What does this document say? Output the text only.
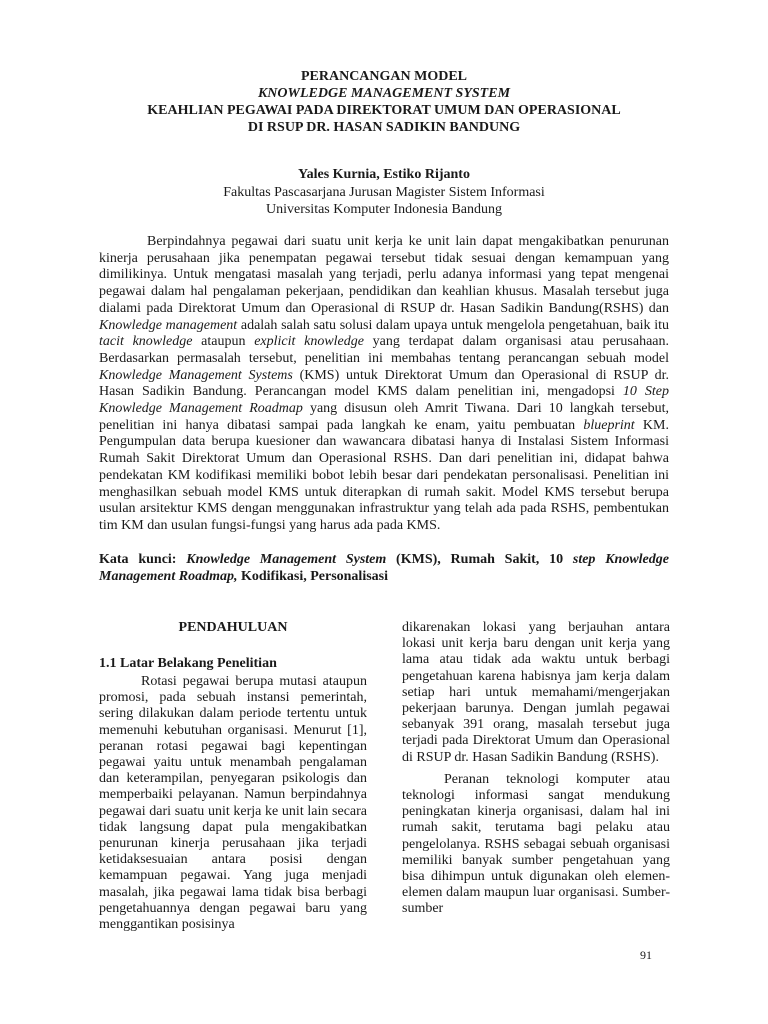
PERANCANGAN MODEL
KNOWLEDGE MANAGEMENT SYSTEM
KEAHLIAN PEGAWAI PADA DIREKTORAT UMUM DAN OPERASIONAL
DI RSUP DR. HASAN SADIKIN BANDUNG
Yales Kurnia, Estiko Rijanto
Fakultas Pascasarjana Jurusan Magister Sistem Informasi
Universitas Komputer Indonesia Bandung

Berpindahnya pegawai dari suatu unit kerja ke unit lain dapat mengakibatkan penurunan kinerja perusahaan jika penempatan pegawai tersebut tidak sesuai dengan kemampuan yang dimilikinya. Untuk mengatasi masalah yang terjadi, perlu adanya informasi yang tepat mengenai pegawai dalam hal pengalaman pekerjaan, pendidikan dan keahlian khusus. Masalah tersebut juga dialami pada Direktorat Umum dan Operasional di RSUP dr. Hasan Sadikin Bandung(RSHS) dan Knowledge management adalah salah satu solusi dalam upaya untuk mengelola pengetahuan, baik itu tacit knowledge ataupun explicit knowledge yang terdapat dalam organisasi atau perusahaan. Berdasarkan permasalah tersebut, penelitian ini membahas tentang perancangan sebuah model Knowledge Management Systems (KMS) untuk Direktorat Umum dan Operasional di RSUP dr. Hasan Sadikin Bandung. Perancangan model KMS dalam penelitian ini, mengadopsi 10 Step Knowledge Management Roadmap yang disusun oleh Amrit Tiwana. Dari 10 langkah tersebut, penelitian ini hanya dibatasi sampai pada langkah ke enam, yaitu pembuatan blueprint KM. Pengumpulan data berupa kuesioner dan wawancara dibatasi hanya di Instalasi Sistem Informasi Rumah Sakit Direktorat Umum dan Operasional RSHS. Dan dari penelitian ini, didapat bahwa pendekatan KM kodifikasi memiliki bobot lebih besar dari pendekatan personalisasi. Penelitian ini menghasilkan sebuah model KMS untuk diterapkan di rumah sakit. Model KMS tersebut berupa usulan arsitektur KMS dengan menggunakan infrastruktur yang telah ada pada RSHS, pembentukan tim KM dan usulan fungsi-fungsi yang harus ada pada KMS.

Kata kunci: Knowledge Management System (KMS), Rumah Sakit, 10 step Knowledge Management Roadmap, Kodifikasi, Personalisasi
PENDAHULUAN
1.1 Latar Belakang Penelitian

Rotasi pegawai berupa mutasi ataupun promosi, pada sebuah instansi pemerintah, sering dilakukan dalam periode tertentu untuk memenuhi kebutuhan organisasi. Menurut [1], peranan rotasi pegawai bagi kepentingan pegawai yaitu untuk menambah pengalaman dan keterampilan, penyegaran psikologis dan memperbaiki pelayanan. Namun berpindahnya pegawai dari suatu unit kerja ke unit lain secara tidak langsung dapat pula mengakibatkan penurunan kinerja perusahaan jika terjadi ketidaksesuaian antara posisi dengan kemampuan pegawai. Yang juga menjadi masalah, jika pegawai lama tidak bisa berbagi pengetahuannya dengan pegawai baru yang menggantikan posisinya

dikarenakan lokasi yang berjauhan antara lokasi unit kerja baru dengan unit kerja yang lama atau tidak ada waktu untuk berbagi pengetahuan karena habisnya jam kerja dalam setiap hari untuk memahami/mengerjakan pekerjaan barunya. Dengan jumlah pegawai sebanyak 391 orang, masalah tersebut juga terjadi pada Direktorat Umum dan Operasional di RSUP dr. Hasan Sadikin Bandung (RSHS).

Peranan teknologi komputer atau teknologi informasi sangat mendukung peningkatan kinerja organisasi, dalam hal ini rumah sakit, terutama bagi pelaku atau pengelolanya. RSHS sebagai sebuah organisasi memiliki banyak sumber pengetahuan yang bisa dihimpun untuk digunakan oleh elemen-elemen dalam maupun luar organisasi. Sumber-sumber

91
